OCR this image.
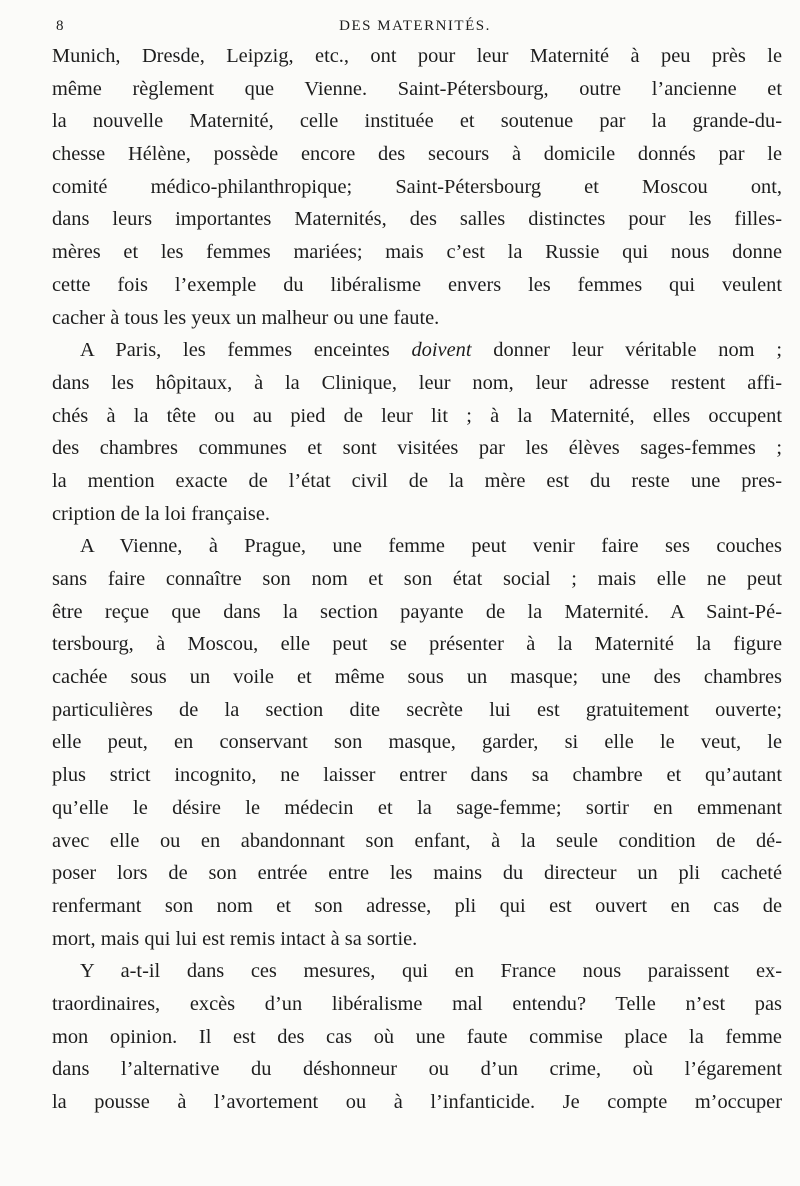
8	DES MATERNITÉS.
Munich, Dresde, Leipzig, etc., ont pour leur Maternité à peu près le
même règlement que Vienne. Saint-Pétersbourg, outre l’ancienne et
la nouvelle Maternité, celle instituée et soutenue par la grande-du-
chesse Hélène, possède encore des secours à domicile donnés par le
comité médico-philanthropique; Saint-Pétersbourg et Moscou ont,
dans leurs importantes Maternités, des salles distinctes pour les filles-
mères et les femmes mariées; mais c’est la Russie qui nous donne
cette fois l’exemple du libéralisme envers les femmes qui veulent
cacher à tous les yeux un malheur ou une faute.
A Paris, les femmes enceintes doivent donner leur véritable nom ;
dans les hôpitaux, à la Clinique, leur nom, leur adresse restent affi-
chés à la tête ou au pied de leur lit ; à la Maternité, elles occupent
des chambres communes et sont visitées par les élèves sages-femmes ;
la mention exacte de l’état civil de la mère est du reste une pres-
cription de la loi française.
A Vienne, à Prague, une femme peut venir faire ses couches
sans faire connaître son nom et son état social ; mais elle ne peut
être reçue que dans la section payante de la Maternité. A Saint-Pé-
tersbourg, à Moscou, elle peut se présenter à la Maternité la figure
cachée sous un voile et même sous un masque; une des chambres
particulières de la section dite secrète lui est gratuitement ouverte;
elle peut, en conservant son masque, garder, si elle le veut, le
plus strict incognito, ne laisser entrer dans sa chambre et qu’autant
qu’elle le désire le médecin et la sage-femme; sortir en emmenant
avec elle ou en abandonnant son enfant, à la seule condition de dé-
poser lors de son entrée entre les mains du directeur un pli cacheté
renfermant son nom et son adresse, pli qui est ouvert en cas de
mort, mais qui lui est remis intact à sa sortie.
Y a-t-il dans ces mesures, qui en France nous paraissent ex-
traordinaires, excès d’un libéralisme mal entendu? Telle n’est pas
mon opinion. Il est des cas où une faute commise place la femme
dans l’alternative du déshonneur ou d’un crime, où l’égarement
la pousse à l’avortement ou à l’infanticide. Je compte m’occuper
